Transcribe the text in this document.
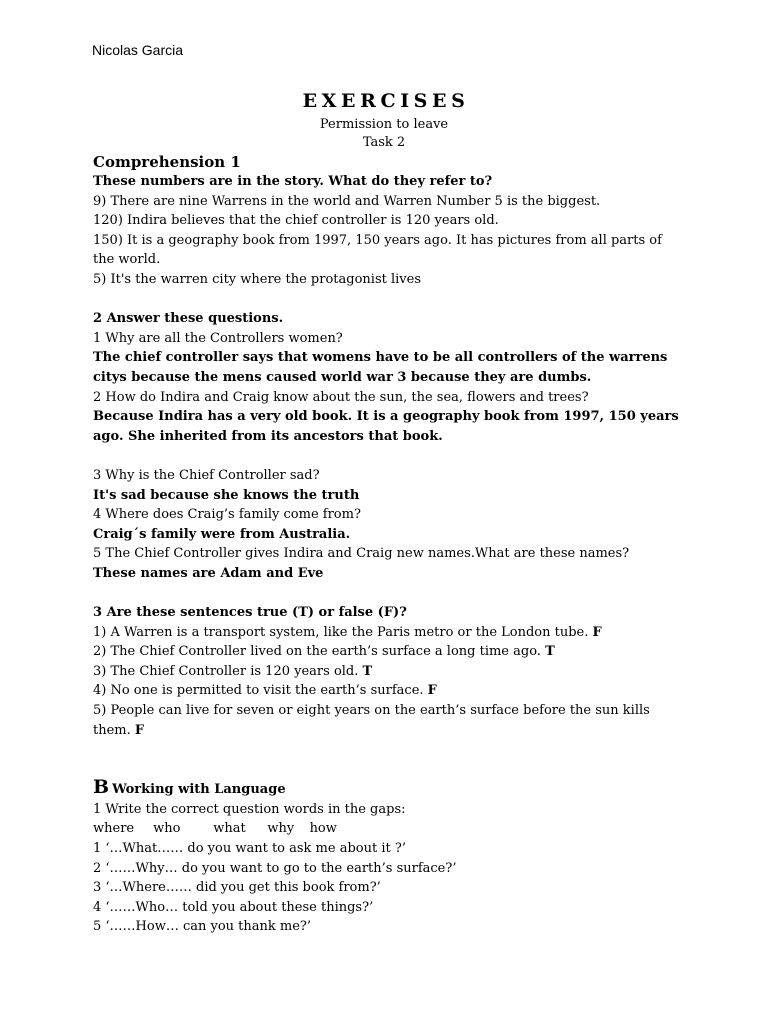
Nicolas Garcia
EXERCISES
Permission to leave
Task 2
Comprehension 1
These numbers are in the story. What do they refer to?
9) There are nine Warrens in the world and Warren Number 5 is the biggest.
120) Indira believes that the chief controller is 120 years old.
150) It is a geography book from 1997, 150 years ago. It has pictures from all parts of the world.
5) It's the warren city where the protagonist lives
2 Answer these questions.
1 Why are all the Controllers women?
The chief controller says that womens have to be all controllers of the warrens citys because the mens caused world war 3 because they are dumbs.
2 How do Indira and Craig know about the sun, the sea, flowers and trees?
Because Indira has a very old book. It is a geography book from 1997, 150 years ago. She inherited from its ancestors that book.
3 Why is the Chief Controller sad?
It's sad because she knows the truth
4 Where does Craig’s family come from?
Craig´s family were from Australia.
5 The Chief Controller gives Indira and Craig new names.What are these names?
These names are Adam and Eve
3 Are these sentences true (T) or false (F)?
1) A Warren is a transport system, like the Paris metro or the London tube. F
2) The Chief Controller lived on the earth’s surface a long time ago. T
3) The Chief Controller is 120 years old. T
4) No one is permitted to visit the earth’s surface. F
5) People can live for seven or eight years on the earth’s surface before the sun kills them. F
B Working with Language
1 Write the correct question words in the gaps:
where who	what why how
1 ‘…What…… do you want to ask me about it ?’
2 ‘……Why… do you want to go to the earth’s surface?’
3 ‘…Where…… did you get this book from?’
4 ‘……Who… told you about these things?’
5 ‘……How… can you thank me?’
